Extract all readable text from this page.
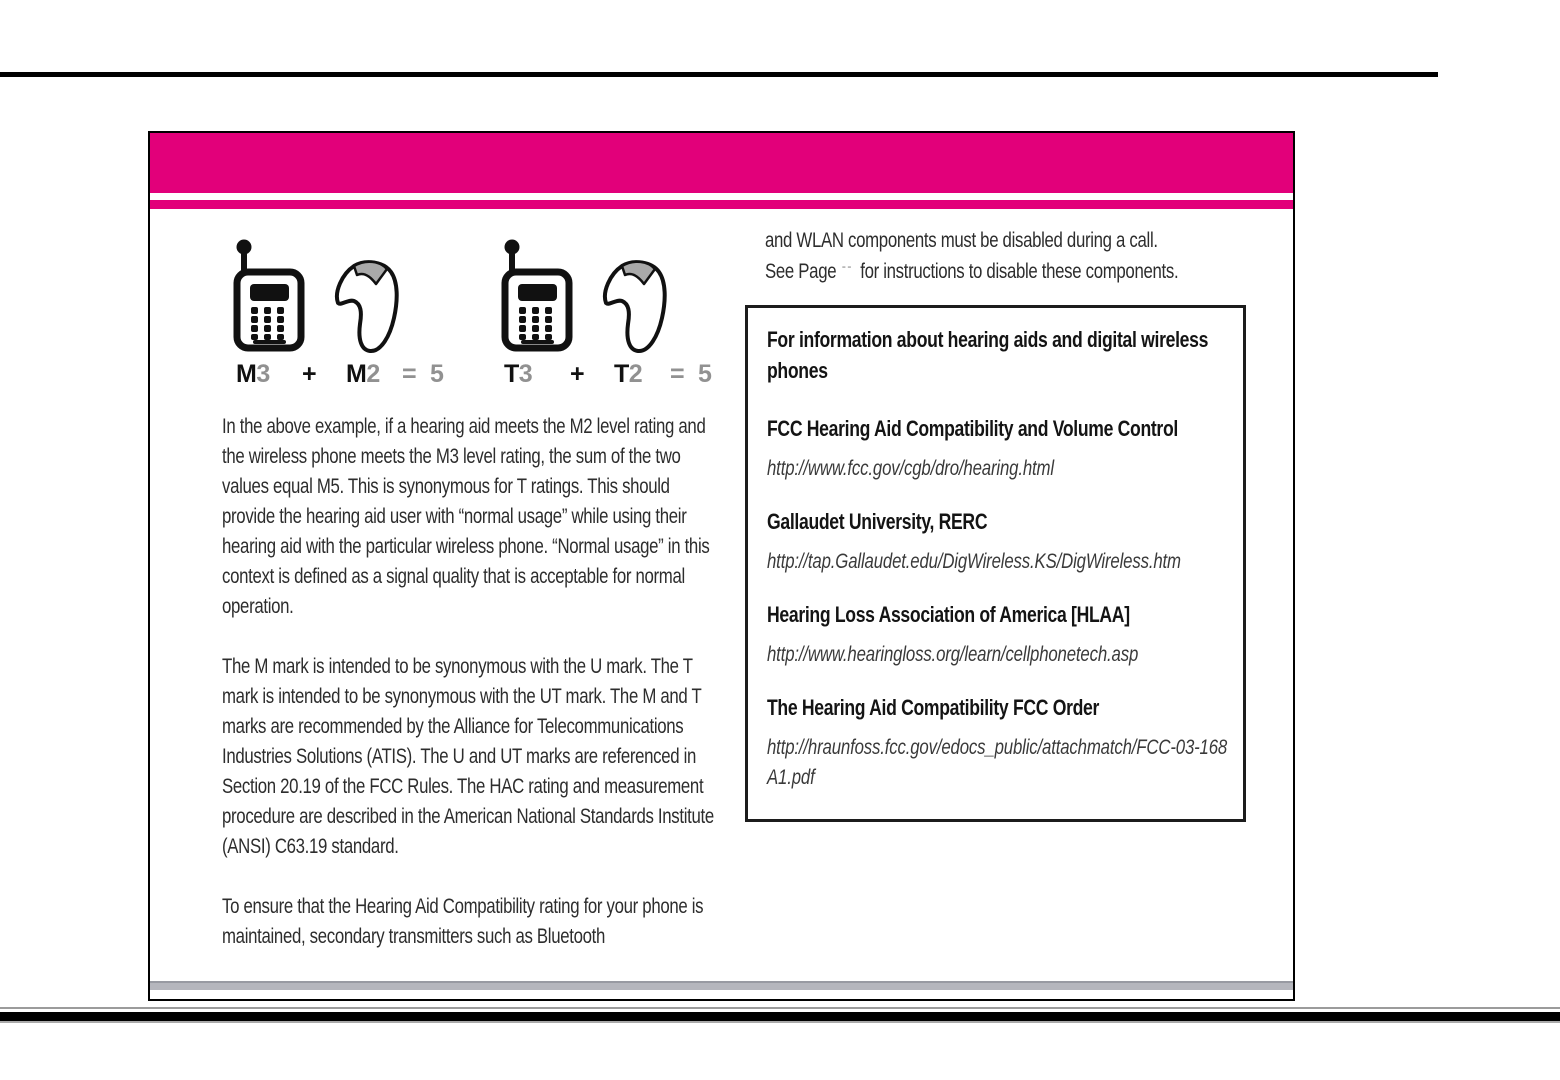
M3 + M2 = 5 T3 + T2 = 5

In the above example, if a hearing aid meets the M2 level rating and the wireless phone meets the M3 level rating, the sum of the two values equal M5. This is synonymous for T ratings. This should provide the hearing aid user with “normal usage” while using their hearing aid with the particular wireless phone. “Normal usage” in this context is defined as a signal quality that is acceptable for normal operation.

The M mark is intended to be synonymous with the U mark. The T mark is intended to be synonymous with the UT mark. The M and T marks are recommended by the Alliance for Telecommunications Industries Solutions (ATIS). The U and UT marks are referenced in Section 20.19 of the FCC Rules. The HAC rating and measurement procedure are described in the American National Standards Institute (ANSI) C63.19 standard.

To ensure that the Hearing Aid Compatibility rating for your phone is maintained, secondary transmitters such as Bluetooth

and WLAN components must be disabled during a call.
See Page -- for instructions to disable these components.

For information about hearing aids and digital wireless phones

FCC Hearing Aid Compatibility and Volume Control

http://www.fcc.gov/cgb/dro/hearing.html

Gallaudet University, RERC

http://tap.Gallaudet.edu/DigWireless.KS/DigWireless.htm

Hearing Loss Association of America [HLAA]

http://www.hearingloss.org/learn/cellphonetech.asp

The Hearing Aid Compatibility FCC Order

http://hraunfoss.fcc.gov/edocs_public/attachmatch/FCC-03-168A1.pdf
